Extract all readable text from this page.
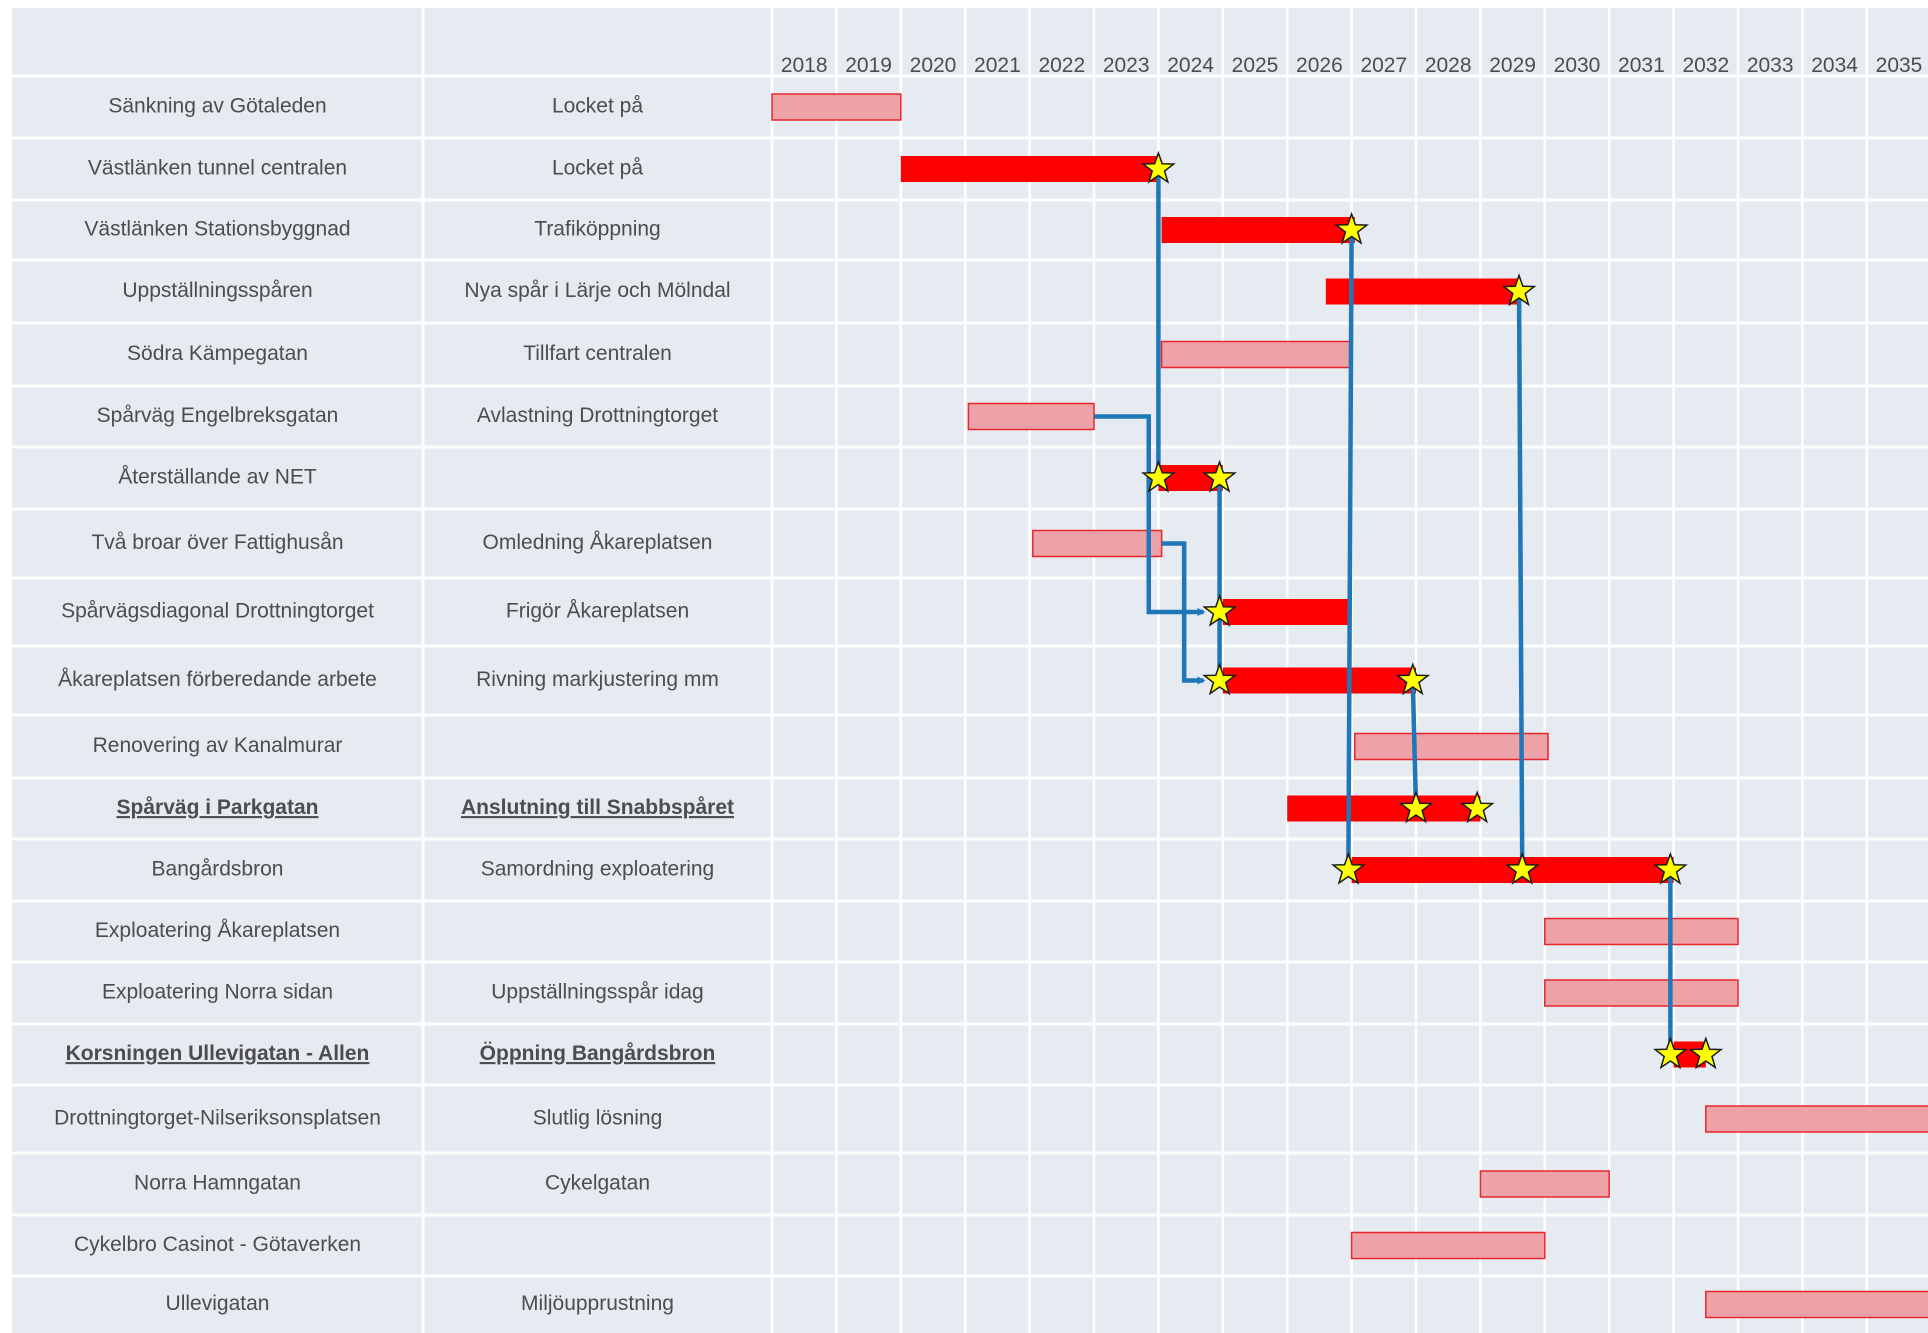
2018 2019 2020 2021 2022 2023 2024 2025 2026 2027 2028 2029 2030 2031 2032 2033 2034 2035
Sänkning av Götaleden	Locket på
Västlänken tunnel centralen	Locket på
Västlänken Stationsbyggnad	Trafiköppning
Uppställningsspåren	Nya spår i Lärje och Mölndal
Södra Kämpegatan	Tillfart centralen
Spårväg Engelbreksgatan	Avlastning Drottningtorget
Återställande av NET
Två broar över Fattighusån	Omledning Åkareplatsen
Spårvägsdiagonal Drottningtorget	Frigör Åkareplatsen
Åkareplatsen förberedande arbete	Rivning markjustering mm
Renovering av Kanalmurar
Spårväg i Parkgatan	Anslutning till Snabbspåret
Bangårdsbron	Samordning exploatering
Exploatering Åkareplatsen
Exploatering Norra sidan	Uppställningsspår idag
Korsningen Ullevigatan - Allen	Öppning Bangårdsbron
Drottningtorget-Nilseriksonsplatsen	Slutlig lösning
Norra Hamngatan	Cykelgatan
Cykelbro Casinot - Götaverken
Ullevigatan	Miljöupprustning
